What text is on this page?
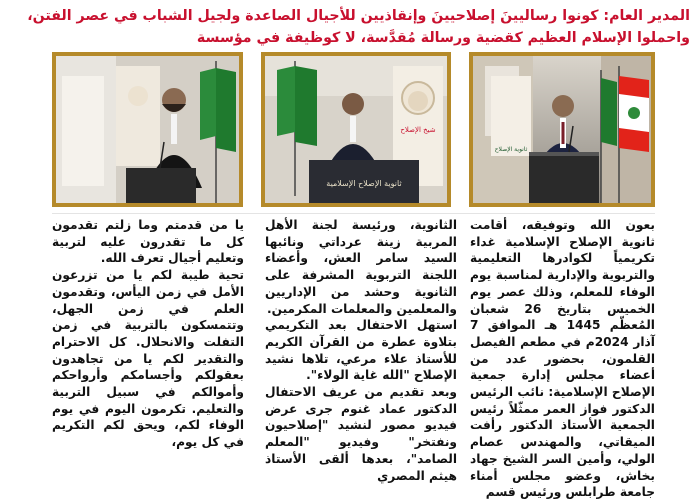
المدير العام: كونوا رساليينَ إصلاحيينَ وإنقاذيين للأجيال الصاعدة ولجيل الشباب في عصر الفتن،
واحملوا الإسلام العظيم كقضية ورسالة مُقدَّسة، لا كوظيفة في مؤسسة
ثانوية الإصلاح
شيخ الإصلاح
ثانوية الإصلاح الإسلامية

بعون الله وتوفيقه، أقامت ثانوية الإصلاح الإسلامية غداء تكريمياً لكوادرها التعليمية والتربوية والإدارية لمناسبة يوم الوفاء للمعلم، وذلك عصر يوم الخميس بتاريخ 26 شعبان المُعظّم 1445 هـ الموافق 7 آذار 2024م في مطعم الفيصل القلمون، بحضور عدد من أعضاء مجلس إدارة جمعية الإصلاح الإسلامية: نائب الرئيس الدكتور فواز العمر ممثّلاً رئيس الجمعية الأستاذ الدكتور رأفت الميقاتي، والمهندس عصام الولي، وأمين السر الشيخ جهاد بخاش، وعضو مجلس أمناء جامعة طرابلس ورئيس قسم

الثانوية، ورئيسة لجنة الأهل المربية زينة عرداتي ونائبها السيد سامر العش، وأعضاء اللجنة التربوية المشرفة على الثانوية وحشد من الإداريين والمعلمين والمعلمات المكرمين.
استهل الاحتفال بعد التكريمي بتلاوة عطرة من القرآن الكريم للأستاذ علاء مرعي، تلاها نشيد الإصلاح "الله غاية الولاء".
وبعد تقديم من عريف الاحتفال الدكتور عماد غنوم جرى عرض فيديو مصور لنشيد "إصلاحيون ونفتخر" وفيديو "المعلم الصامد"، بعدها ألقى الأستاذ هيثم المصري

يا من قدمتم وما زلتم تقدمون كل ما تقدرون عليه لتربية وتعليم أجيال تعرف الله.
تحية طيبة لكم يا من تزرعون الأمل في زمن اليأس، وتقدمون العلم في زمن الجهل، وتتمسكون بالتربية في زمن التفلت والانحلال. كل الاحترام والتقدير لكم يا من تجاهدون بعقولكم وأجسامكم وأرواحكم وأموالكم في سبيل التربية والتعليم. تكرمون اليوم في يوم الوفاء لكم، ويحق لكم التكريم في كل يوم،
